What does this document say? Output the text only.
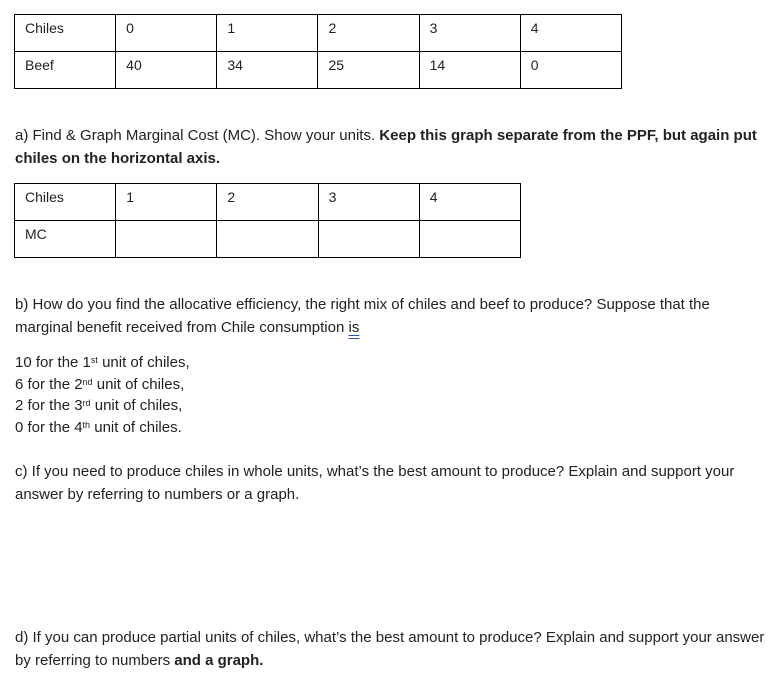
Chiles	0	1	2	3	4
Beef	40	34	25	14	0

a) Find & Graph Marginal Cost (MC). Show your units. Keep this graph separate from the PPF, but again put chiles on the horizontal axis.

Chiles	1	2	3	4
MC				

b) How do you find the allocative efficiency, the right mix of chiles and beef to produce? Suppose that the marginal benefit received from Chile consumption is

10 for the 1st unit of chiles,
6 for the 2nd unit of chiles,
2 for the 3rd unit of chiles,
0 for the 4th unit of chiles.

c) If you need to produce chiles in whole units, what’s the best amount to produce? Explain and support your answer by referring to numbers or a graph.

d) If you can produce partial units of chiles, what’s the best amount to produce? Explain and support your answer by referring to numbers and a graph.
